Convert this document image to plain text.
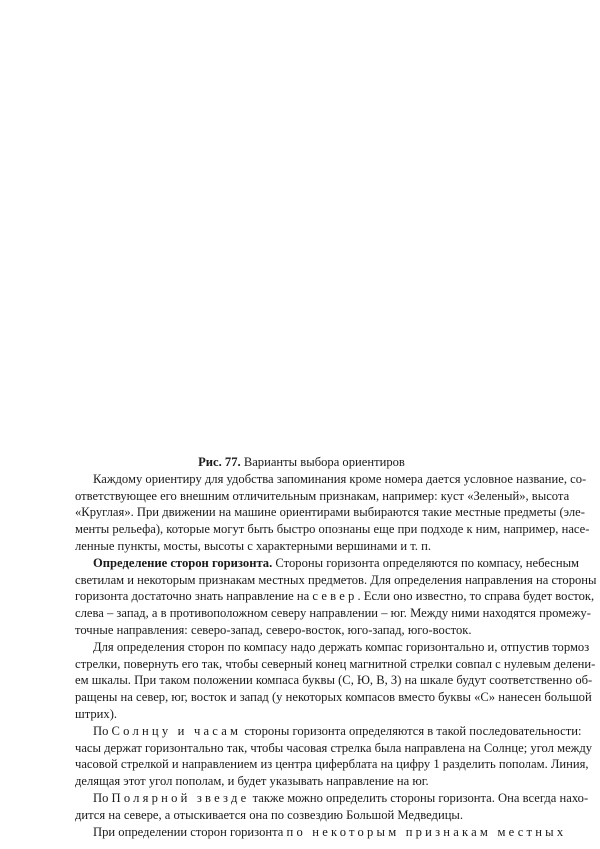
Рис. 77. Варианты выбора ориентиров
Каждому ориентиру для удобства запоминания кроме номера дается условное название, со-
ответствующее его внешним отличительным признакам, например: куст «Зеленый», высота
«Круглая». При движении на машине ориентирами выбираются такие местные предметы (эле-
менты рельефа), которые могут быть быстро опознаны еще при подходе к ним, например, насе-
ленные пункты, мосты, высоты с характерными вершинами и т. п.
Определение сторон горизонта. Стороны горизонта определяются по компасу, небесным
светилам и некоторым признакам местных предметов. Для определения направления на стороны
горизонта достаточно знать направление на север. Если оно известно, то справа будет восток,
слева – запад, а в противоположном северу направлении – юг. Между ними находятся промежу-
точные направления: северо-запад, северо-восток, юго-запад, юго-восток.
Для определения сторон по компасу надо держать компас горизонтально и, отпустив тормоз
стрелки, повернуть его так, чтобы северный конец магнитной стрелки совпал с нулевым делени-
ем шкалы. При таком положении компаса буквы (С, Ю, В, З) на шкале будут соответственно об-
ращены на север, юг, восток и запад (у некоторых компасов вместо буквы «С» нанесен большой
штрих).
По Солнцу и часам стороны горизонта определяются в такой последовательности:
часы держат горизонтально так, чтобы часовая стрелка была направлена на Солнце; угол между
часовой стрелкой и направлением из центра циферблата на цифру 1 разделить пополам. Линия,
делящая этот угол пополам, и будет указывать направление на юг.
По Полярной звезде также можно определить стороны горизонта. Она всегда нахо-
дится на севере, а отыскивается она по созвездию Большой Медведицы.
При определении сторон горизонта по некоторым признакам местных
